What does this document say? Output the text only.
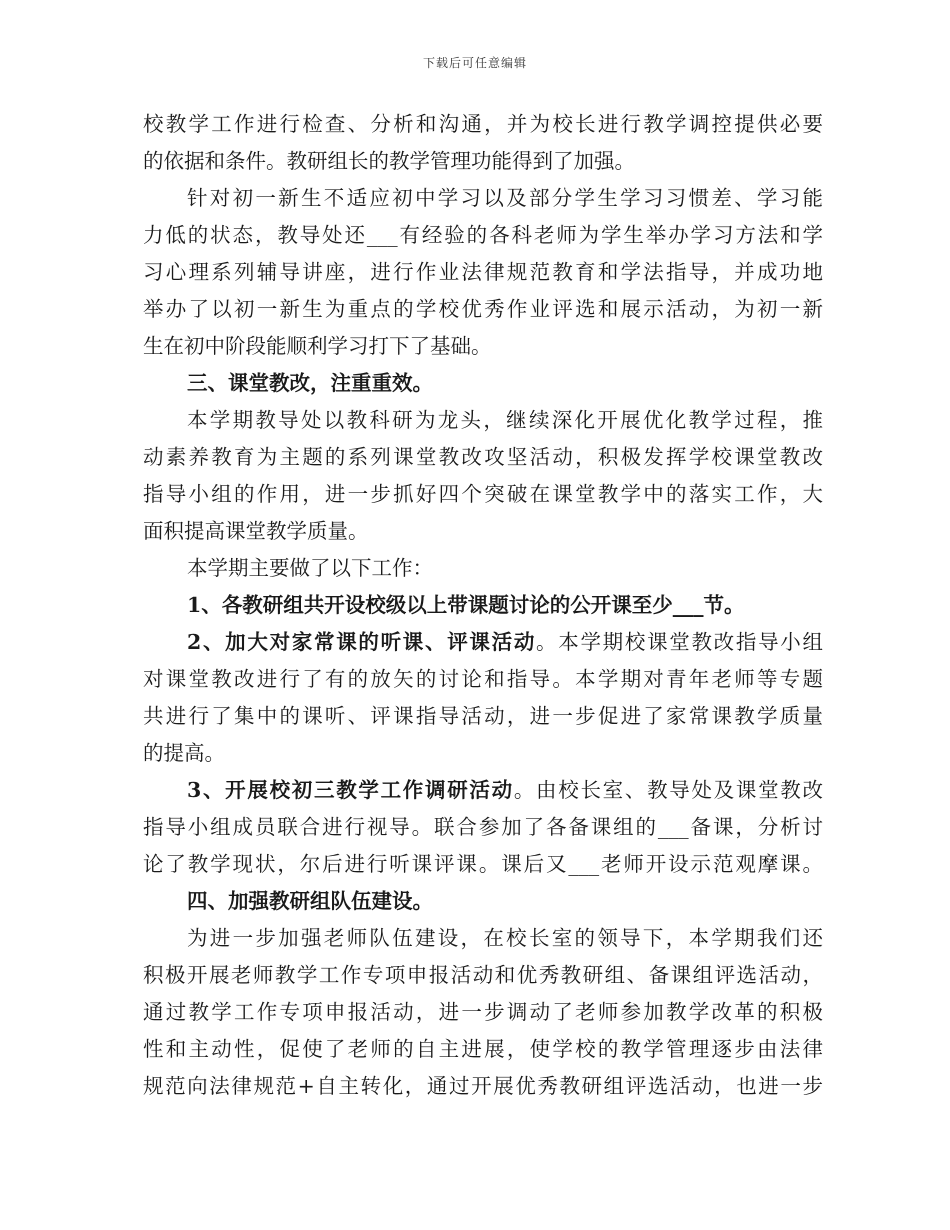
下载后可任意编辑
校教学工作进行检查、分析和沟通，并为校长进行教学调控提供必要
的依据和条件。教研组长的教学管理功能得到了加强。
针对初一新生不适应初中学习以及部分学生学习习惯差、学习能
力低的状态，教导处还___有经验的各科老师为学生举办学习方法和学
习心理系列辅导讲座，进行作业法律规范教育和学法指导，并成功地
举办了以初一新生为重点的学校优秀作业评选和展示活动，为初一新
生在初中阶段能顺利学习打下了基础。
三、课堂教改，注重重效。
本学期教导处以教科研为龙头，继续深化开展优化教学过程，推
动素养教育为主题的系列课堂教改攻坚活动，积极发挥学校课堂教改
指导小组的作用，进一步抓好四个突破在课堂教学中的落实工作，大
面积提高课堂教学质量。
本学期主要做了以下工作：
1、各教研组共开设校级以上带课题讨论的公开课至少___节。
2、加大对家常课的听课、评课活动。本学期校课堂教改指导小组
对课堂教改进行了有的放矢的讨论和指导。本学期对青年老师等专题
共进行了集中的课听、评课指导活动，进一步促进了家常课教学质量
的提高。
3、开展校初三教学工作调研活动。由校长室、教导处及课堂教改
指导小组成员联合进行视导。联合参加了各备课组的___备课，分析讨
论了教学现状，尔后进行听课评课。课后又___老师开设示范观摩课。
四、加强教研组队伍建设。
为进一步加强老师队伍建设，在校长室的领导下，本学期我们还
积极开展老师教学工作专项申报活动和优秀教研组、备课组评选活动，
通过教学工作专项申报活动，进一步调动了老师参加教学改革的积极
性和主动性，促使了老师的自主进展，使学校的教学管理逐步由法律
规范向法律规范+自主转化，通过开展优秀教研组评选活动，也进一步
